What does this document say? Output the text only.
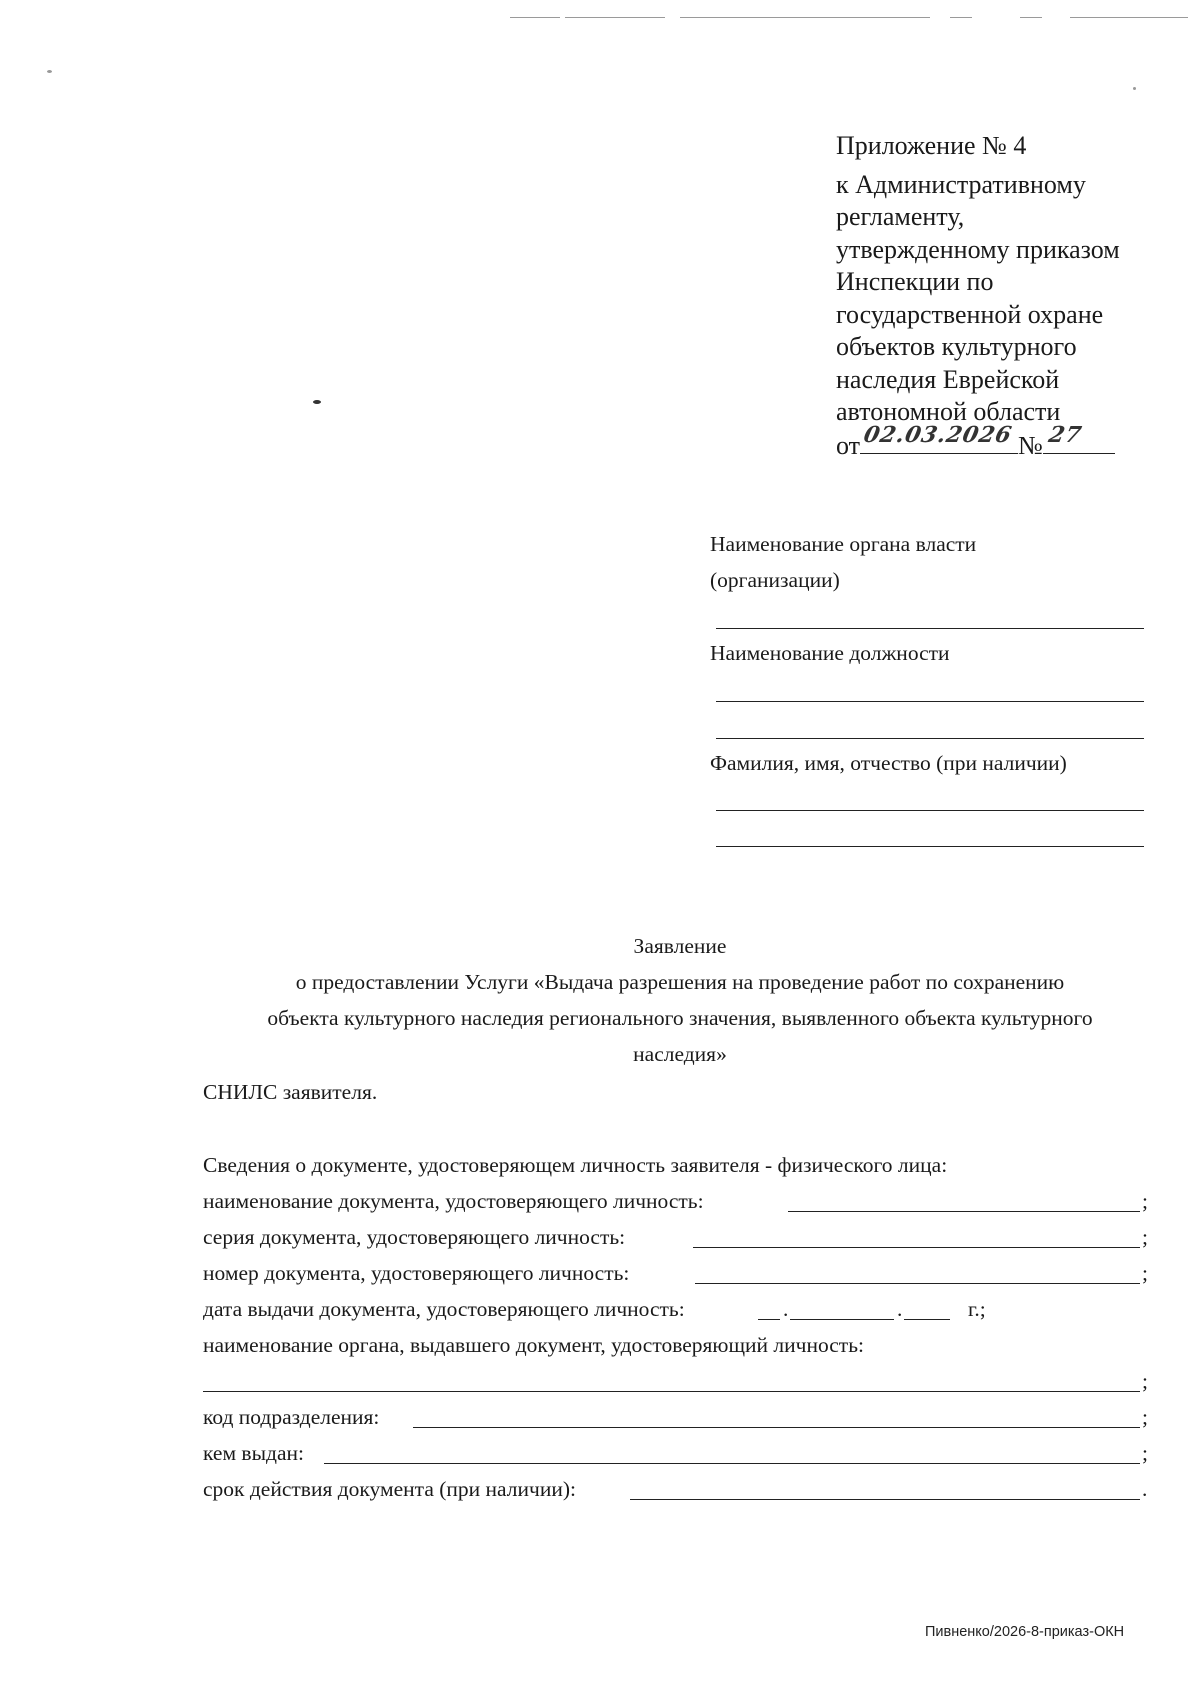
Приложение № 4
к Административному
регламенту,
утвержденному приказом
Инспекции по
государственной охране
объектов культурного
наследия Еврейской
автономной области
от 02.03.2026 № 27
Наименование органа власти
(организации)
Наименование должности
Фамилия, имя, отчество (при наличии)
Заявление
о предоставлении Услуги «Выдача разрешения на проведение работ по сохранению
объекта культурного наследия регионального значения, выявленного объекта культурного
наследия»
СНИЛС заявителя.
Сведения о документе, удостоверяющем личность заявителя - физического лица:
наименование документа, удостоверяющего личность:	;
серия документа, удостоверяющего личность:	;
номер документа, удостоверяющего личность:	;
дата выдачи документа, удостоверяющего личность:	.	.	г.;
наименование органа, выдавшего документ, удостоверяющий личность:
;
код подразделения:	;
кем выдан:	;
срок действия документа (при наличии):	.
Пивненко/2026-8-приказ-ОКН
